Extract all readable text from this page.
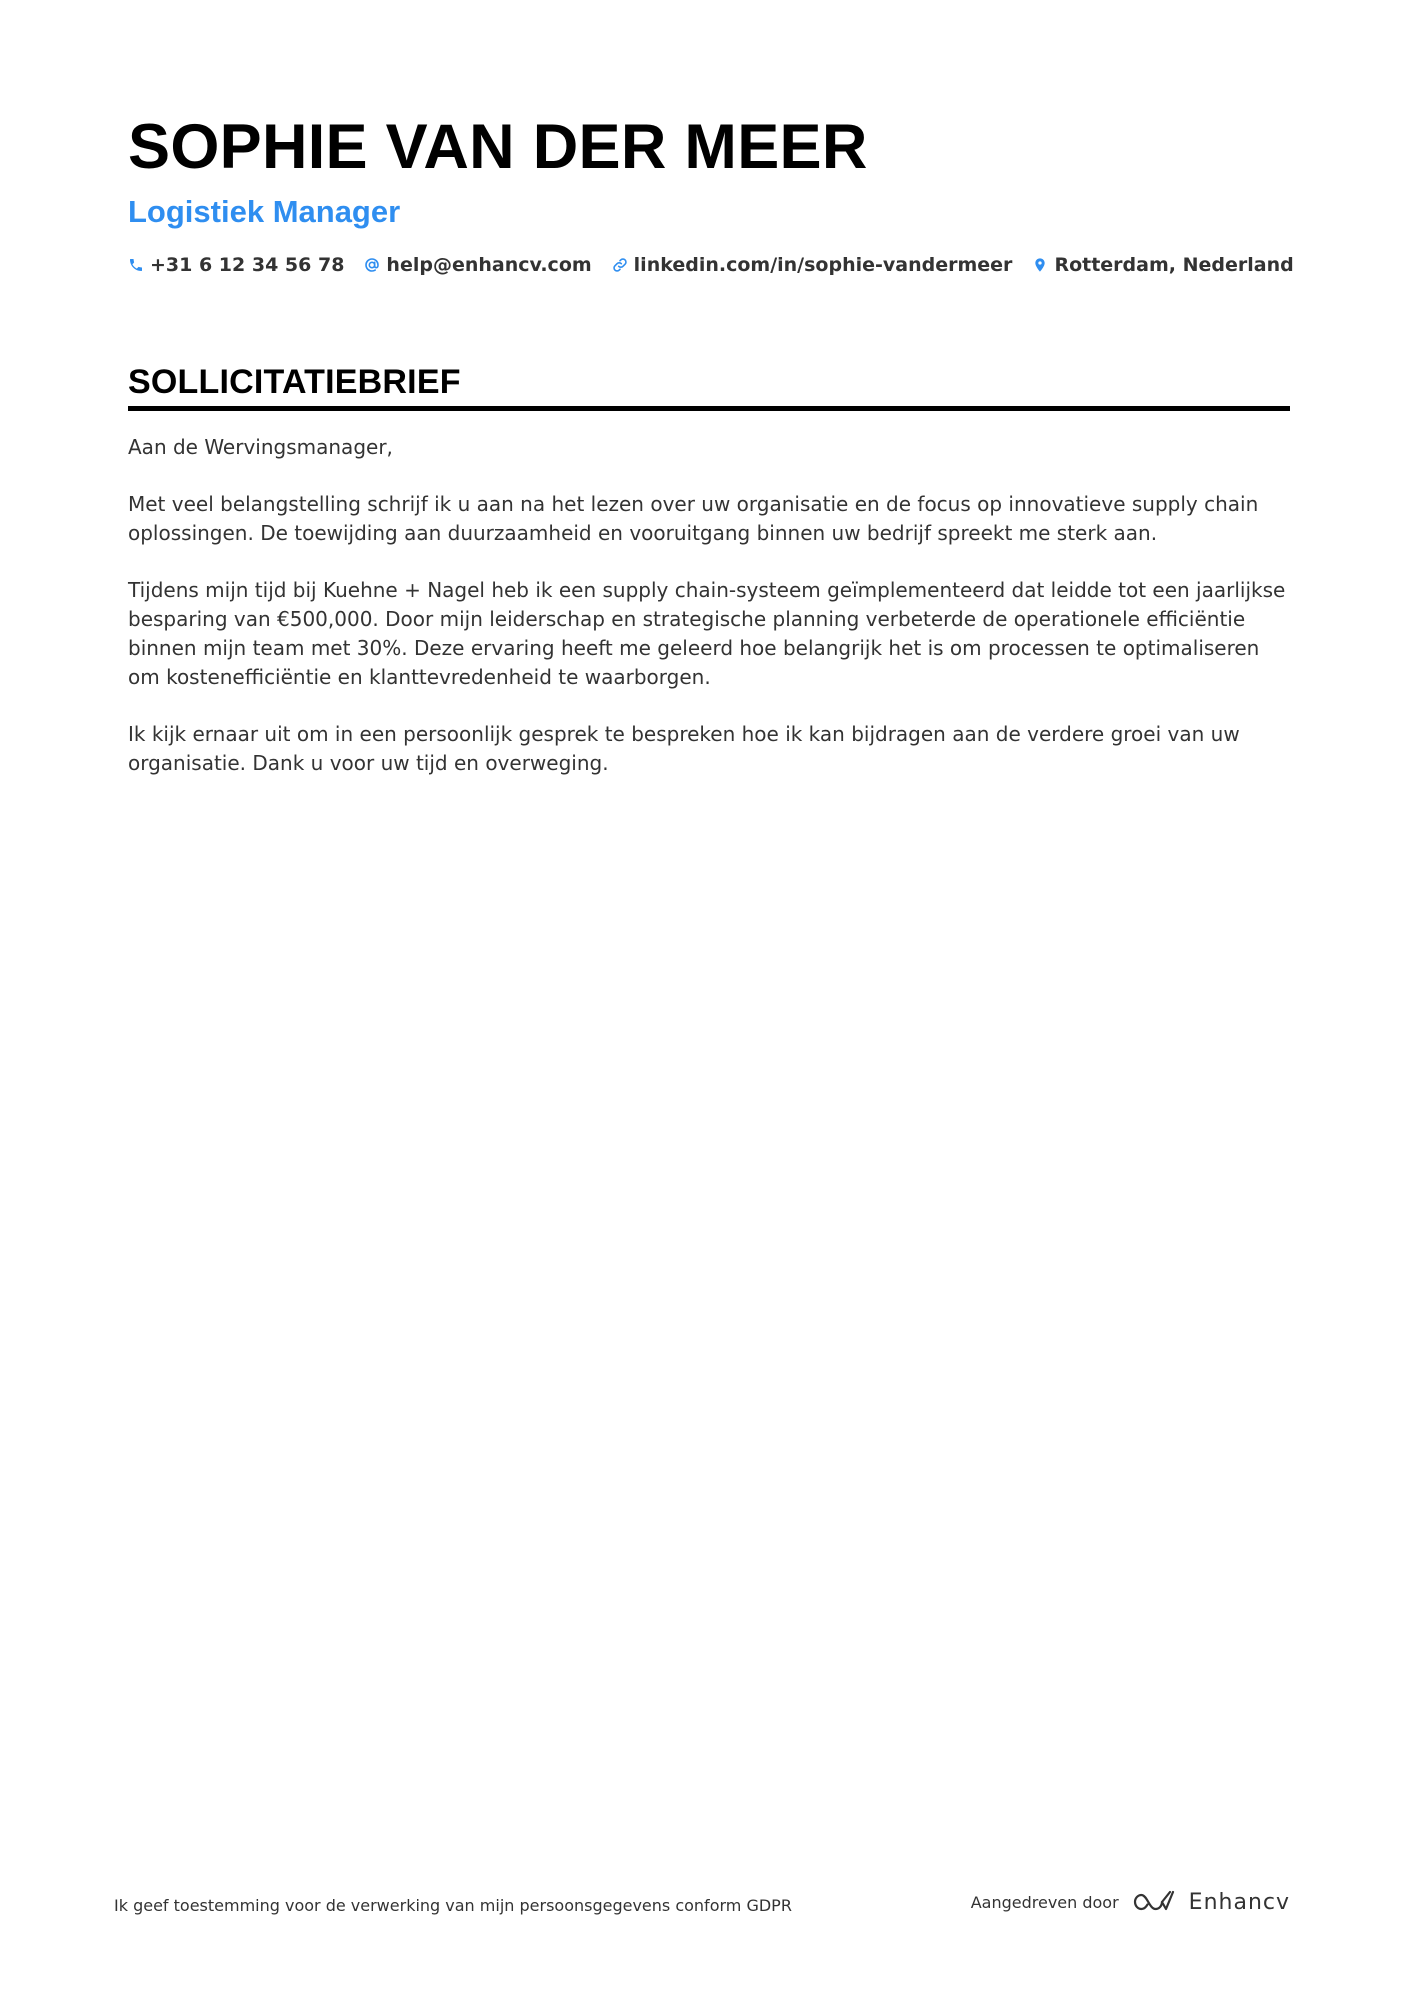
SOPHIE VAN DER MEER
Logistiek Manager
+31 6 12 34 56 78 help@enhancv.com linkedin.com/in/sophie-vandermeer Rotterdam, Nederland
SOLLICITATIEBRIEF

Aan de Wervingsmanager,

Met veel belangstelling schrijf ik u aan na het lezen over uw organisatie en de focus op innovatieve supply chain oplossingen. De toewijding aan duurzaamheid en vooruitgang binnen uw bedrijf spreekt me sterk aan.

Tijdens mijn tijd bij Kuehne + Nagel heb ik een supply chain-systeem geïmplementeerd dat leidde tot een jaarlijkse besparing van €500,000. Door mijn leiderschap en strategische planning verbeterde de operationele efficiëntie binnen mijn team met 30%. Deze ervaring heeft me geleerd hoe belangrijk het is om processen te optimaliseren om kostenefficiëntie en klanttevredenheid te waarborgen.

Ik kijk ernaar uit om in een persoonlijk gesprek te bespreken hoe ik kan bijdragen aan de verdere groei van uw organisatie. Dank u voor uw tijd en overweging.

Ik geef toestemming voor de verwerking van mijn persoonsgegevens conform GDPR	Aangedreven door	Enhancv
